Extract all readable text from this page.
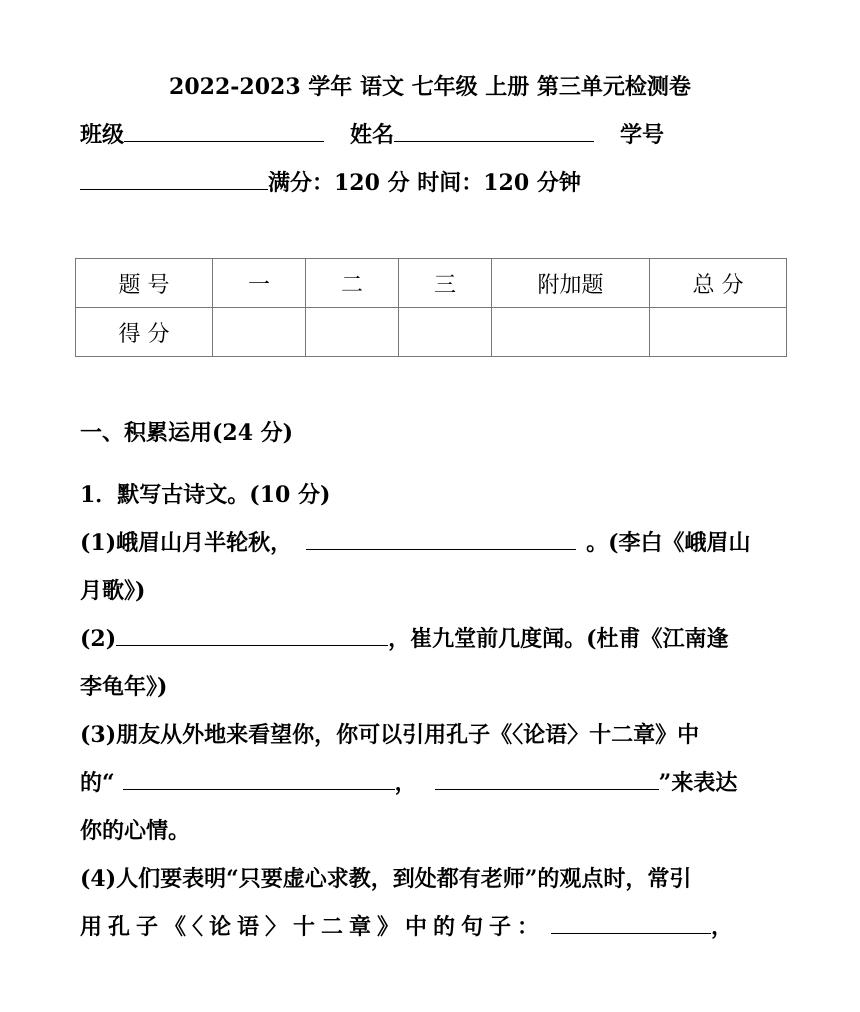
2022-2023 学年 语文 七年级 上册 第三单元检测卷
班级	姓名	学号
满分：120 分 时间：120 分钟
题 号	一	二	三	附加题	总 分
得 分					
一、积累运用(24 分)
1．默写古诗文。(10 分)
(1)峨眉山月半轮秋，	。(李白《峨眉山
月歌》)
(2)	，崔九堂前几度闻。(杜甫《江南逢
李龟年》)
(3)朋友从外地来看望你，你可以引用孔子《〈论语〉十二章》中
的“	，	”来表达
你的心情。
(4)人们要表明“只要虚心求教，到处都有老师”的观点时，常引
用孔子《〈论语〉十二章》中的句子：	，
